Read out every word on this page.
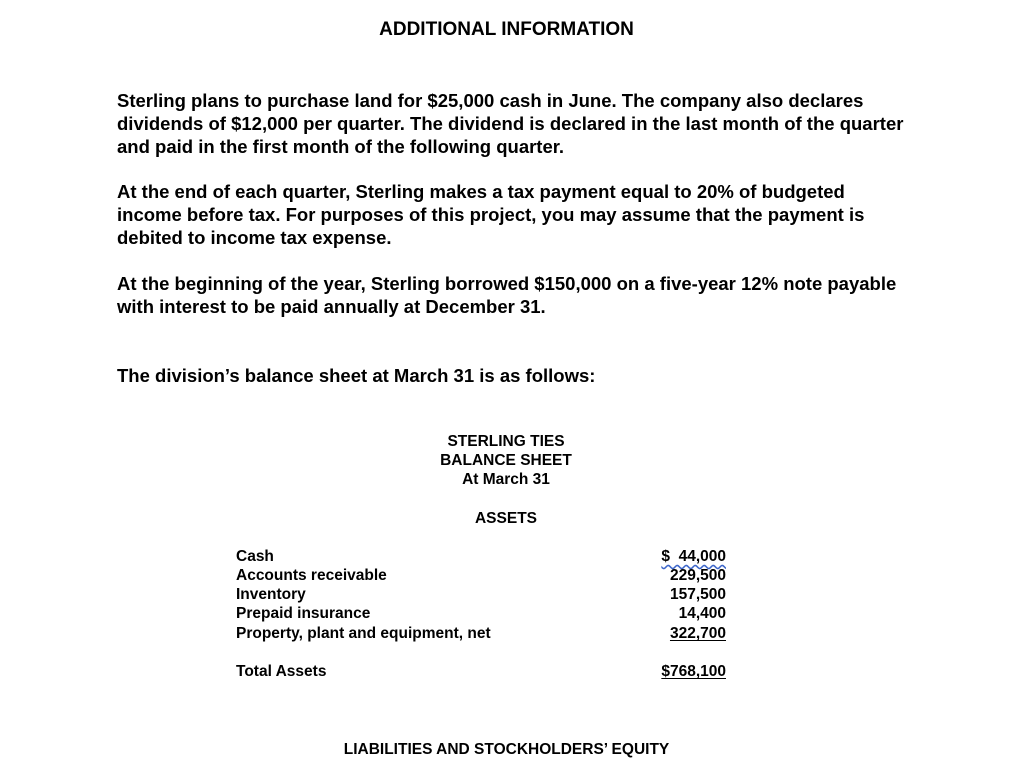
ADDITIONAL INFORMATION

Sterling plans to purchase land for $25,000 cash in June. The company also declares dividends of $12,000 per quarter. The dividend is declared in the last month of the quarter and paid in the first month of the following quarter.

At the end of each quarter, Sterling makes a tax payment equal to 20% of budgeted income before tax. For purposes of this project, you may assume that the payment is debited to income tax expense.

At the beginning of the year, Sterling borrowed $150,000 on a five-year 12% note payable with interest to be paid annually at December 31.

The division’s balance sheet at March 31 is as follows:

STERLING TIES
BALANCE SHEET
At March 31
ASSETS
Cash	$  44,000
Accounts receivable	229,500
Inventory	157,500
Prepaid insurance	14,400
Property, plant and equipment, net	322,700
Total Assets	$768,100
LIABILITIES AND STOCKHOLDERS’ EQUITY
